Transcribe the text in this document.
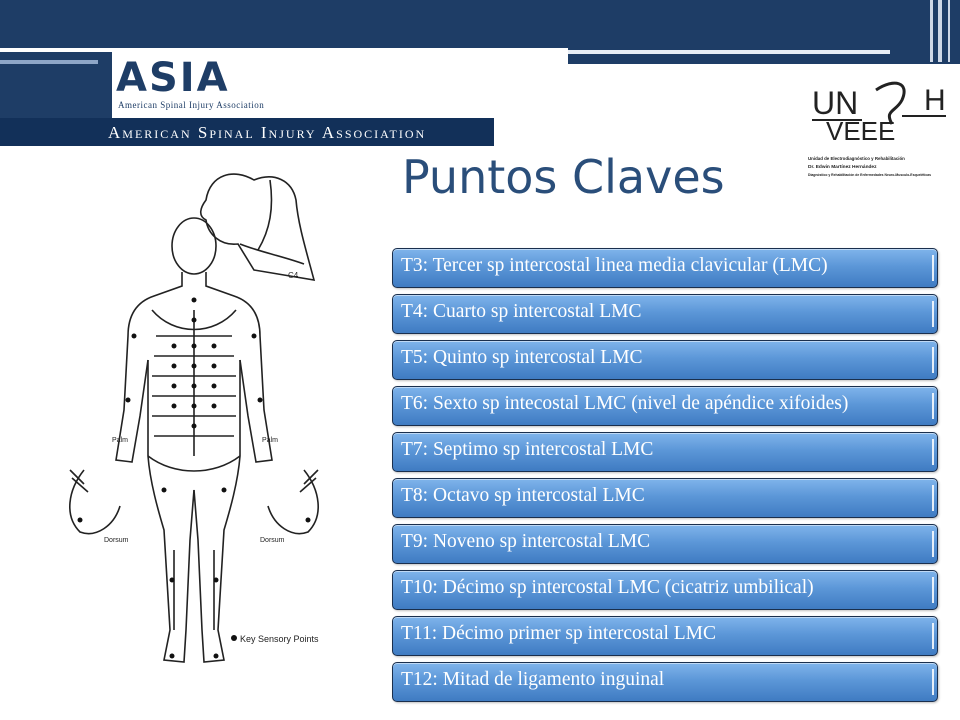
ASIA
American Spinal Injury Association
American Spinal Injury Association
Puntos Claves
UN H
VEEE
Unidad de Electrodiagnóstico y Rehabilitación
Dr. Edwin Martínez Hernández
Diagnóstico y Rehabilitación de Enfermedades Neuro-Musculo-Esqueléticas
C4
Palm	Palm
Dorsum	Dorsum
Key Sensory Points
T3: Tercer sp intercostal linea media clavicular (LMC)
T4: Cuarto sp intercostal LMC
T5: Quinto sp intercostal LMC
T6: Sexto sp intecostal LMC (nivel de apéndice xifoides)
T7: Septimo sp intercostal LMC
T8: Octavo sp intercostal LMC
T9: Noveno sp intercostal LMC
T10: Décimo sp intercostal LMC (cicatriz umbilical)
T11: Décimo primer sp intercostal LMC
T12: Mitad de ligamento inguinal
